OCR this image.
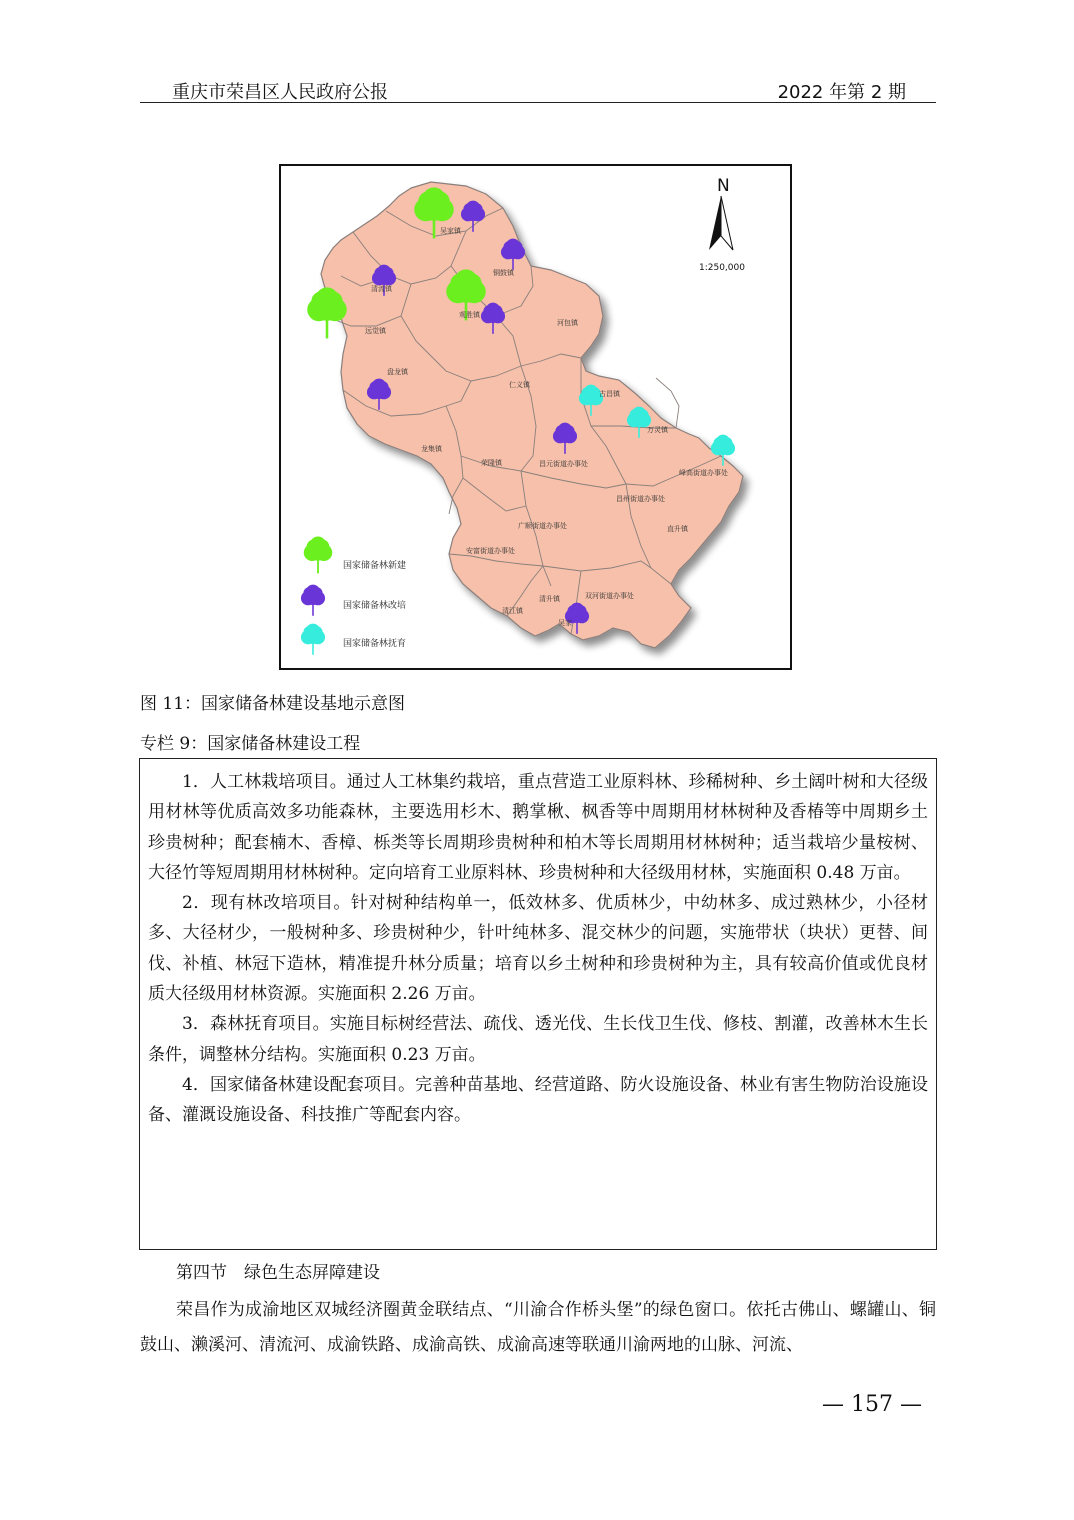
重庆市荣昌区人民政府公报	2022 年第 2 期
N
1:250,000
国家储备林新建
国家储备林改培
国家储备林抚育
吴家镇
铜鼓镇
清流镇
观胜镇
远觉镇
河包镇
盘龙镇
仁义镇
古昌镇
万灵镇
龙集镇
荣隆镇	昌元街道办事处
峰高街道办事处
昌州街道办事处
直升镇
广顺街道办事处
安富街道办事处
双河街道办事处
清江镇
清升镇
吴家
图 11：国家储备林建设基地示意图
专栏 9：国家储备林建设工程

1．人工林栽培项目。通过人工林集约栽培，重点营造工业原料林、珍稀树种、乡土阔叶树和大径级用材林等优质高效多功能森林，主要选用杉木、鹅掌楸、枫香等中周期用材林树种及香椿等中周期乡土珍贵树种；配套楠木、香樟、栎类等长周期珍贵树种和柏木等长周期用材林树种；适当栽培少量桉树、大径竹等短周期用材林树种。定向培育工业原料林、珍贵树种和大径级用材林，实施面积 0.48 万亩。

2．现有林改培项目。针对树种结构单一，低效林多、优质林少，中幼林多、成过熟林少，小径材多、大径材少，一般树种多、珍贵树种少，针叶纯林多、混交林少的问题，实施带状（块状）更替、间伐、补植、林冠下造林，精准提升林分质量；培育以乡土树种和珍贵树种为主，具有较高价值或优良材质大径级用材林资源。实施面积 2.26 万亩。

3．森林抚育项目。实施目标树经营法、疏伐、透光伐、生长伐卫生伐、修枝、割灌，改善林木生长条件，调整林分结构。实施面积 0.23 万亩。

4．国家储备林建设配套项目。完善种苗基地、经营道路、防火设施设备、林业有害生物防治设施设备、灌溉设施设备、科技推广等配套内容。

第四节　绿色生态屏障建设

荣昌作为成渝地区双城经济圈黄金联结点、“川渝合作桥头堡”的绿色窗口。依托古佛山、螺罐山、铜鼓山、濑溪河、清流河、成渝铁路、成渝高铁、成渝高速等联通川渝两地的山脉、河流、

— 157 —
